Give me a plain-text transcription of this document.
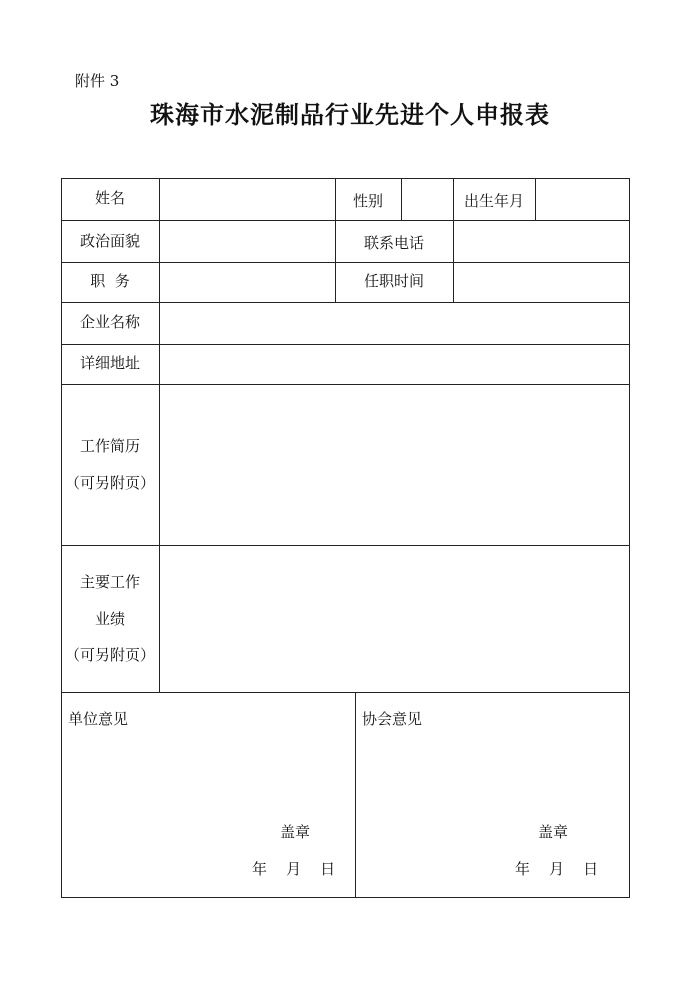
附件 3
珠海市水泥制品行业先进个人申报表
姓名	性别	出生年月
政治面貌	联系电话
职  务	任职时间
企业名称
详细地址
工作简历
（可另附页）
主要工作
业绩
（可另附页）
单位意见
盖章
年    月    日
协会意见
盖章
年    月    日
